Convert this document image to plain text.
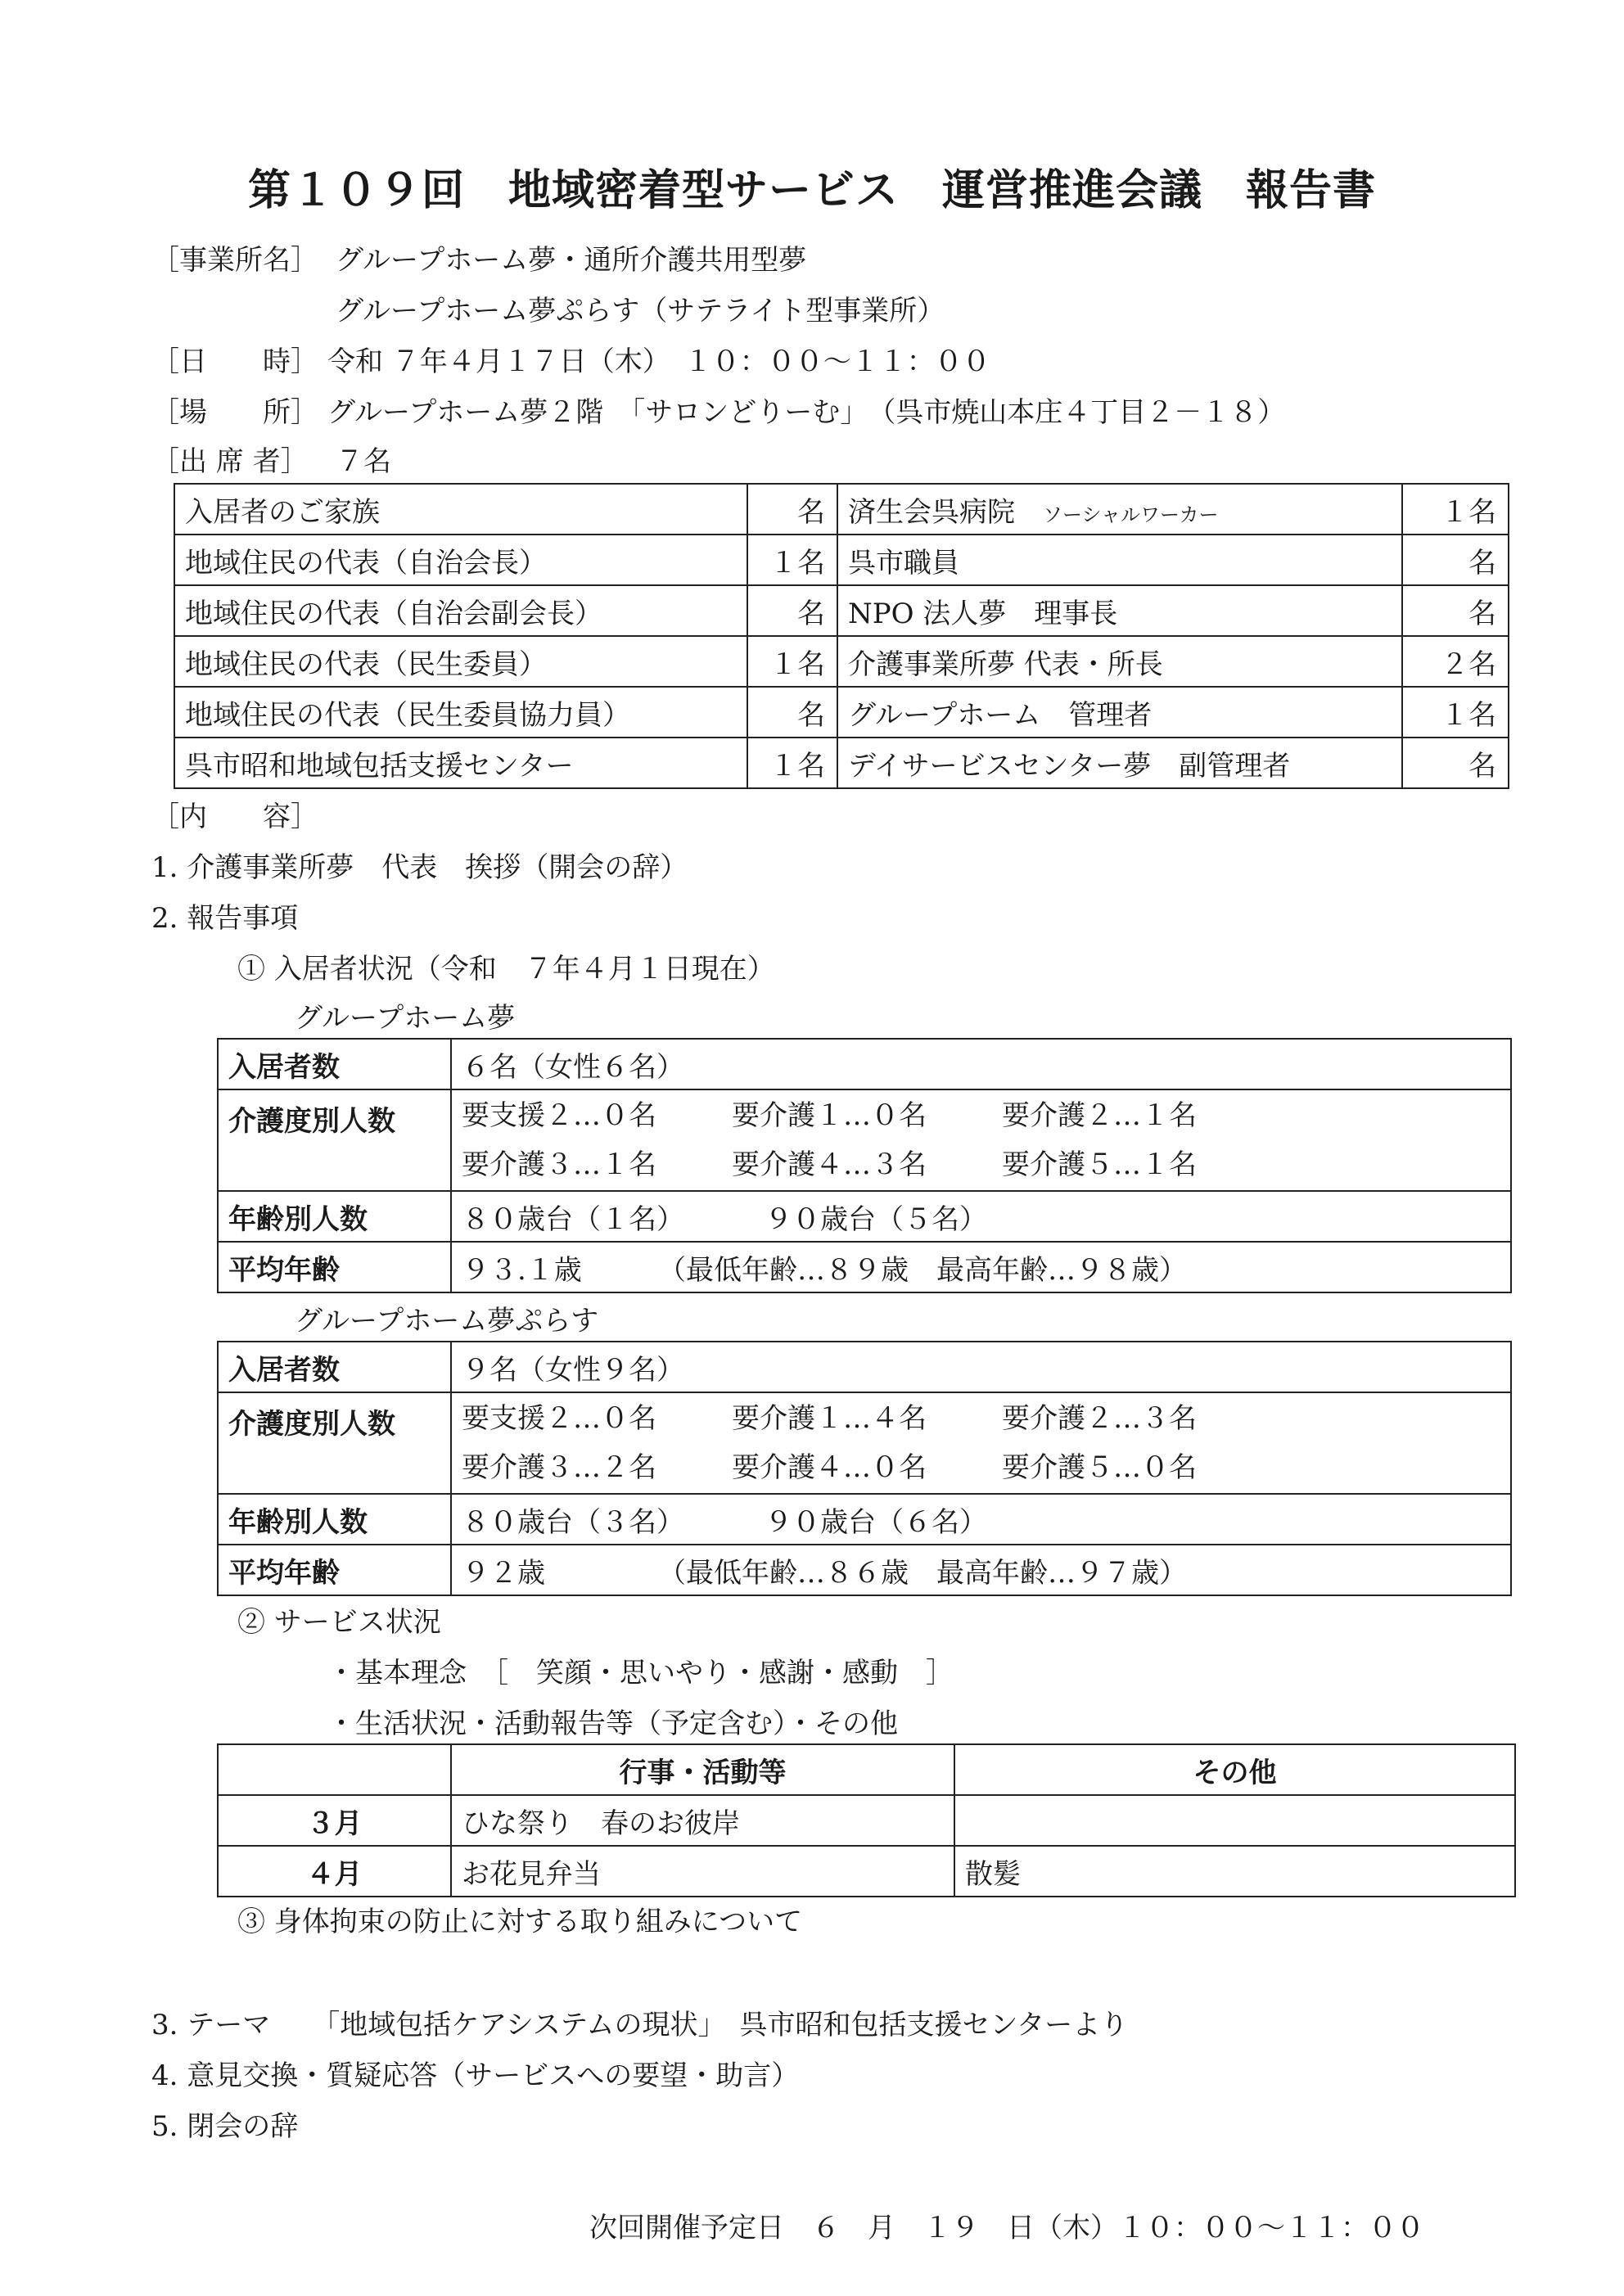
第１０９回　地域密着型サービス　運営推進会議　報告書
［事業所名］ グループホーム夢・通所介護共用型夢
グループホーム夢ぷらす（サテライト型事業所）
［日　　時］ 令和 ７年４月１７日（木）　１０：００～１１：００
［場　　所］ グループホーム夢２階　「サロンどりーむ」　（呉市焼山本庄４丁目２－１８）
［出 席 者］ ７名
入居者のご家族	名	済生会呉病院 ソーシャルワーカー	１名
地域住民の代表（自治会長）	１名	呉市職員	名
地域住民の代表（自治会副会長）	名	NPO 法人夢　理事長	名
地域住民の代表（民生委員）	１名	介護事業所夢 代表・所長	２名
地域住民の代表（民生委員協力員）	名	グループホーム　管理者	１名
呉市昭和地域包括支援センター	１名	デイサービスセンター夢　副管理者	名
［内　　容］
1. 介護事業所夢　代表　挨拶（開会の辞）
2. 報告事項
① 入居者状況（令和　７年４月１日現在）
グループホーム夢
入居者数	６名（女性６名）
介護度別人数	要支援２…０名 要介護１…０名 要介護２…１名
要介護３…１名 要介護４…３名 要介護５…１名

年齢別人数	８０歳台（１名） ９０歳台（５名）
平均年齢	９３.１歳 （最低年齢…８９歳　最高年齢…９８歳）
グループホーム夢ぷらす
入居者数	９名（女性９名）
介護度別人数	要支援２…０名 要介護１…４名 要介護２…３名
要介護３…２名 要介護４…０名 要介護５…０名

年齢別人数	８０歳台（３名） ９０歳台（６名）
平均年齢	９２歳 （最低年齢…８６歳　最高年齢…９７歳）
② サービス状況
・基本理念　［　笑顔・思いやり・感謝・感動　］
・生活状況・活動報告等（予定含む）・その他
	行事・活動等	その他
３月	ひな祭り　春のお彼岸	
４月	お花見弁当	散髪
③ 身体拘束の防止に対する取り組みについて
3. テーマ　　「地域包括ケアシステムの現状」　呉市昭和包括支援センターより
4. 意見交換・質疑応答（サービスへの要望・助言）
5. 閉会の辞
次回開催予定日　６　月　１９　日（木）１０：００～１１：００
